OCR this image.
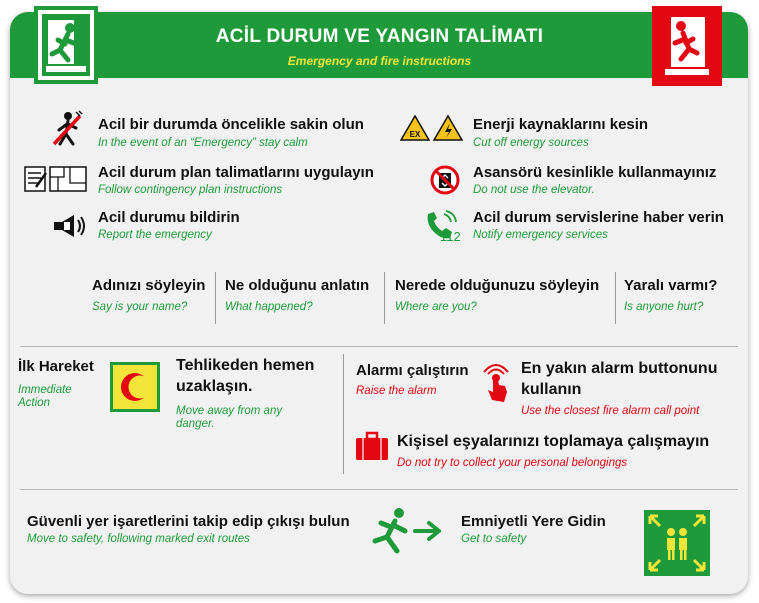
ACİL DURUM VE YANGIN TALİMATI
Emergency and fire instructions
Acil bir durumda öncelikle sakin olun
In the event of an “Emergency” stay calm
Acil durum plan talimatlarını uygulayın
Follow contingency plan instructions
Acil durumu bildirin
Report the emergency
EX
Enerji kaynaklarını kesin
Cut off energy sources
Asansörü kesinlikle kullanmayınız
Do not use the elevator.
112
Acil durum servislerine haber verin
Notify emergency services
Adınızı söyleyin
Say is your name?
Ne olduğunu anlatın
What happened?
Nerede olduğunuzu söyleyin
Where are you?
Yaralı varmı?
Is anyone hurt?
İlk Hareket
Immediate
Action
Tehlikeden hemen
uzaklaşın.
Move away from any
danger.
Alarmı çalıştırın
Raise the alarm
En yakın alarm buttonunu
kullanın
Use the closest fire alarm call point
Kişisel eşyalarınızı toplamaya çalışmayın
Do not try to collect your personal belongings
Güvenli yer işaretlerini takip edip çıkışı bulun
Move to safety, following marked exit routes
Emniyetli Yere Gidin
Get to safety
